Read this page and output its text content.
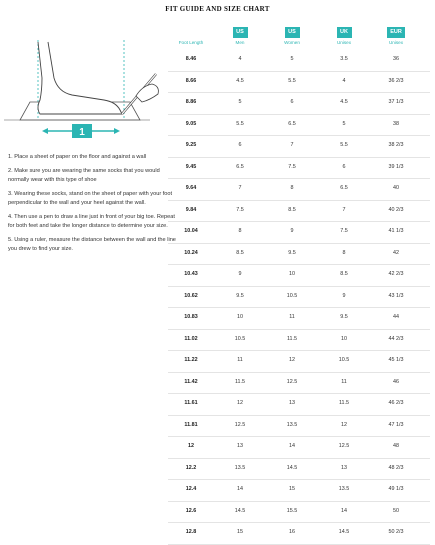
FIT GUIDE AND SIZE CHART
1

1. Place a sheet of paper on the floor and against a wall

2. Make sure you are wearing the same socks that you would normally wear with this type of shoe

3. Wearing these socks, stand on the sheet of paper with your foot perpendicular to the wall and your heel against the wall.

4. Then use a pen to draw a line just in front of your big toe. Repeat for both feet and take the longer distance to determine your size.

5. Using a ruler, measure the distance between the wall and the line you drew to find your size.

Foot Length
US
Men
US
Women
UK
Unisex
EUR
Unisex
8.46	4	5	3.5	36
8.66	4.5	5.5	4	36 2/3
8.86	5	6	4.5	37 1/3
9.05	5.5	6.5	5	38
9.25	6	7	5.5	38 2/3
9.45	6.5	7.5	6	39 1/3
9.64	7	8	6.5	40
9.84	7.5	8.5	7	40 2/3
10.04	8	9	7.5	41 1/3
10.24	8.5	9.5	8	42
10.43	9	10	8.5	42 2/3
10.62	9.5	10.5	9	43 1/3
10.83	10	11	9.5	44
11.02	10.5	11.5	10	44 2/3
11.22	11	12	10.5	45 1/3
11.42	11.5	12.5	11	46
11.61	12	13	11.5	46 2/3
11.81	12.5	13.5	12	47 1/3
12	13	14	12.5	48
12.2	13.5	14.5	13	48 2/3
12.4	14	15	13.5	49 1/3
12.6	14.5	15.5	14	50
12.8	15	16	14.5	50 2/3
